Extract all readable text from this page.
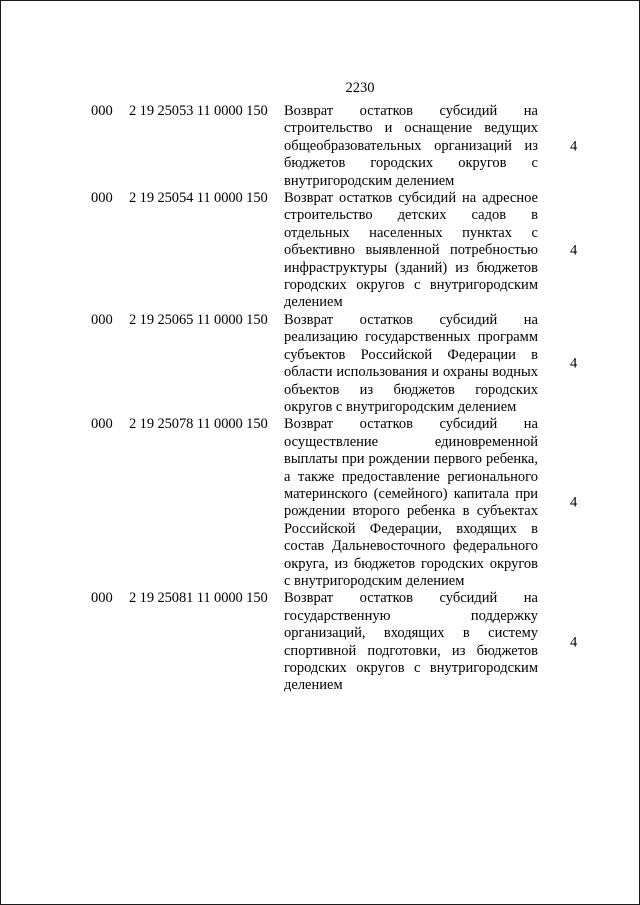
2230
000 2 19 25053 11 0000 150 Возврат остатков субсидий на
строительство и оснащение ведущих
общеобразовательных организаций из
бюджетов городских округов с
внутригородским делением
4
000 2 19 25054 11 0000 150 Возврат остатков субсидий на адресное
строительство детских садов в
отдельных населенных пунктах с
объективно выявленной потребностью
инфраструктуры (зданий) из бюджетов
городских округов с внутригородским
делением
4
000 2 19 25065 11 0000 150 Возврат остатков субсидий на
реализацию государственных программ
субъектов Российской Федерации в
области использования и охраны водных
объектов из бюджетов городских
округов с внутригородским делением
4
000 2 19 25078 11 0000 150 Возврат остатков субсидий на
осуществление единовременной
выплаты при рождении первого ребенка,
а также предоставление регионального
материнского (семейного) капитала при
рождении второго ребенка в субъектах
Российской Федерации, входящих в
состав Дальневосточного федерального
округа, из бюджетов городских округов
с внутригородским делением
4
000 2 19 25081 11 0000 150 Возврат остатков субсидий на
государственную поддержку
организаций, входящих в систему
спортивной подготовки, из бюджетов
городских округов с внутригородским
делением
4
